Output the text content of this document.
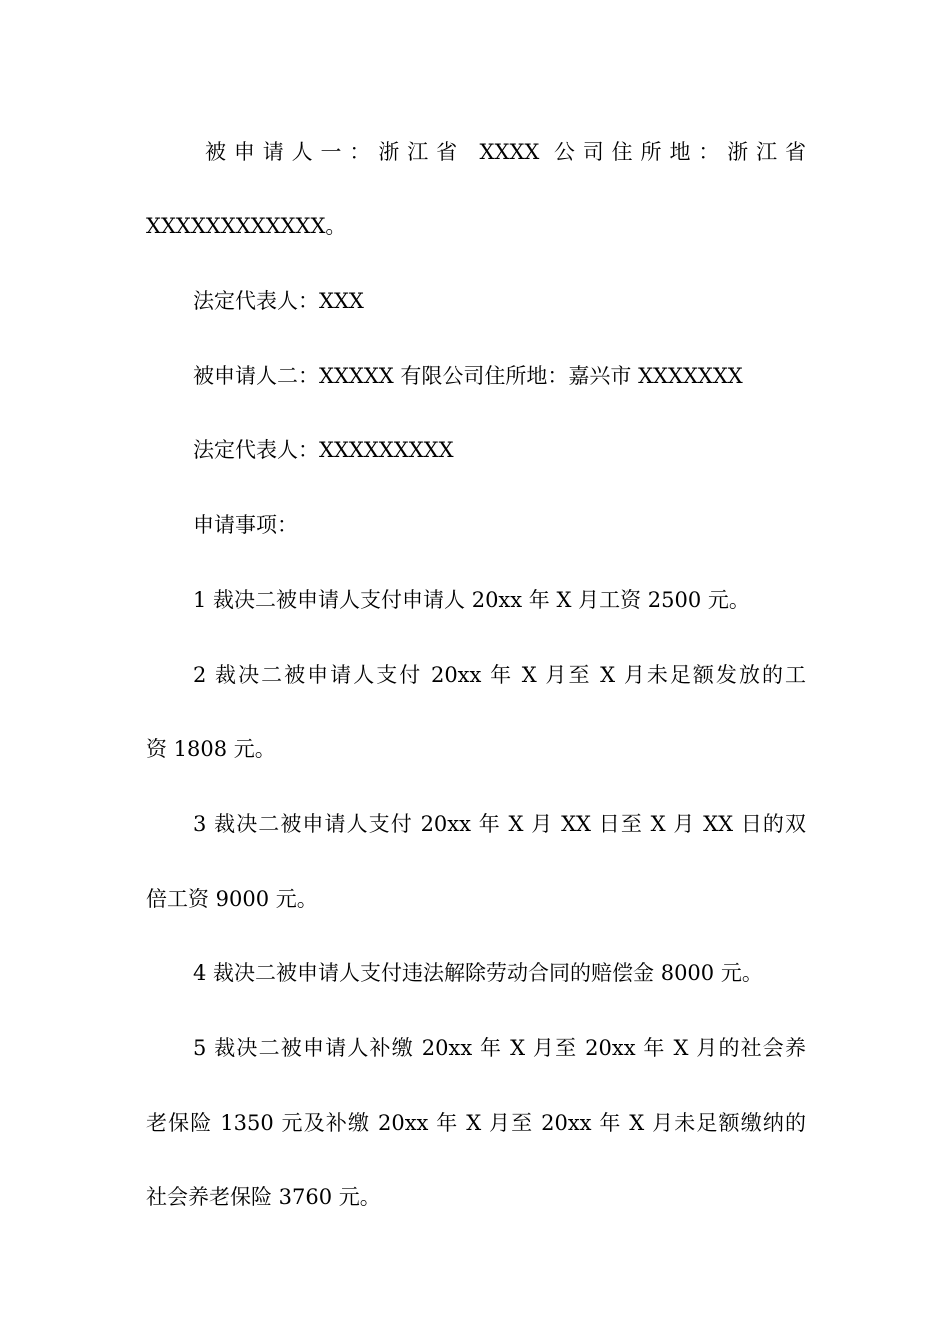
被申请人一：浙江省 XXXX 公司住所地：浙江省
XXXXXXXXXXXX。
法定代表人：XXX
被申请人二：XXXXX 有限公司住所地：嘉兴市 XXXXXXX
法定代表人：XXXXXXXXX
申请事项：
1 裁决二被申请人支付申请人 20xx 年 X 月工资 2500 元。
2 裁决二被申请人支付 20xx 年 X 月至 X 月未足额发放的工
资 1808 元。
3 裁决二被申请人支付 20xx 年 X 月 XX 日至 X 月 XX 日的双
倍工资 9000 元。
4 裁决二被申请人支付违法解除劳动合同的赔偿金 8000 元。
5 裁决二被申请人补缴 20xx 年 X 月至 20xx 年 X 月的社会养
老保险 1350 元及补缴 20xx 年 X 月至 20xx 年 X 月未足额缴纳的
社会养老保险 3760 元。
